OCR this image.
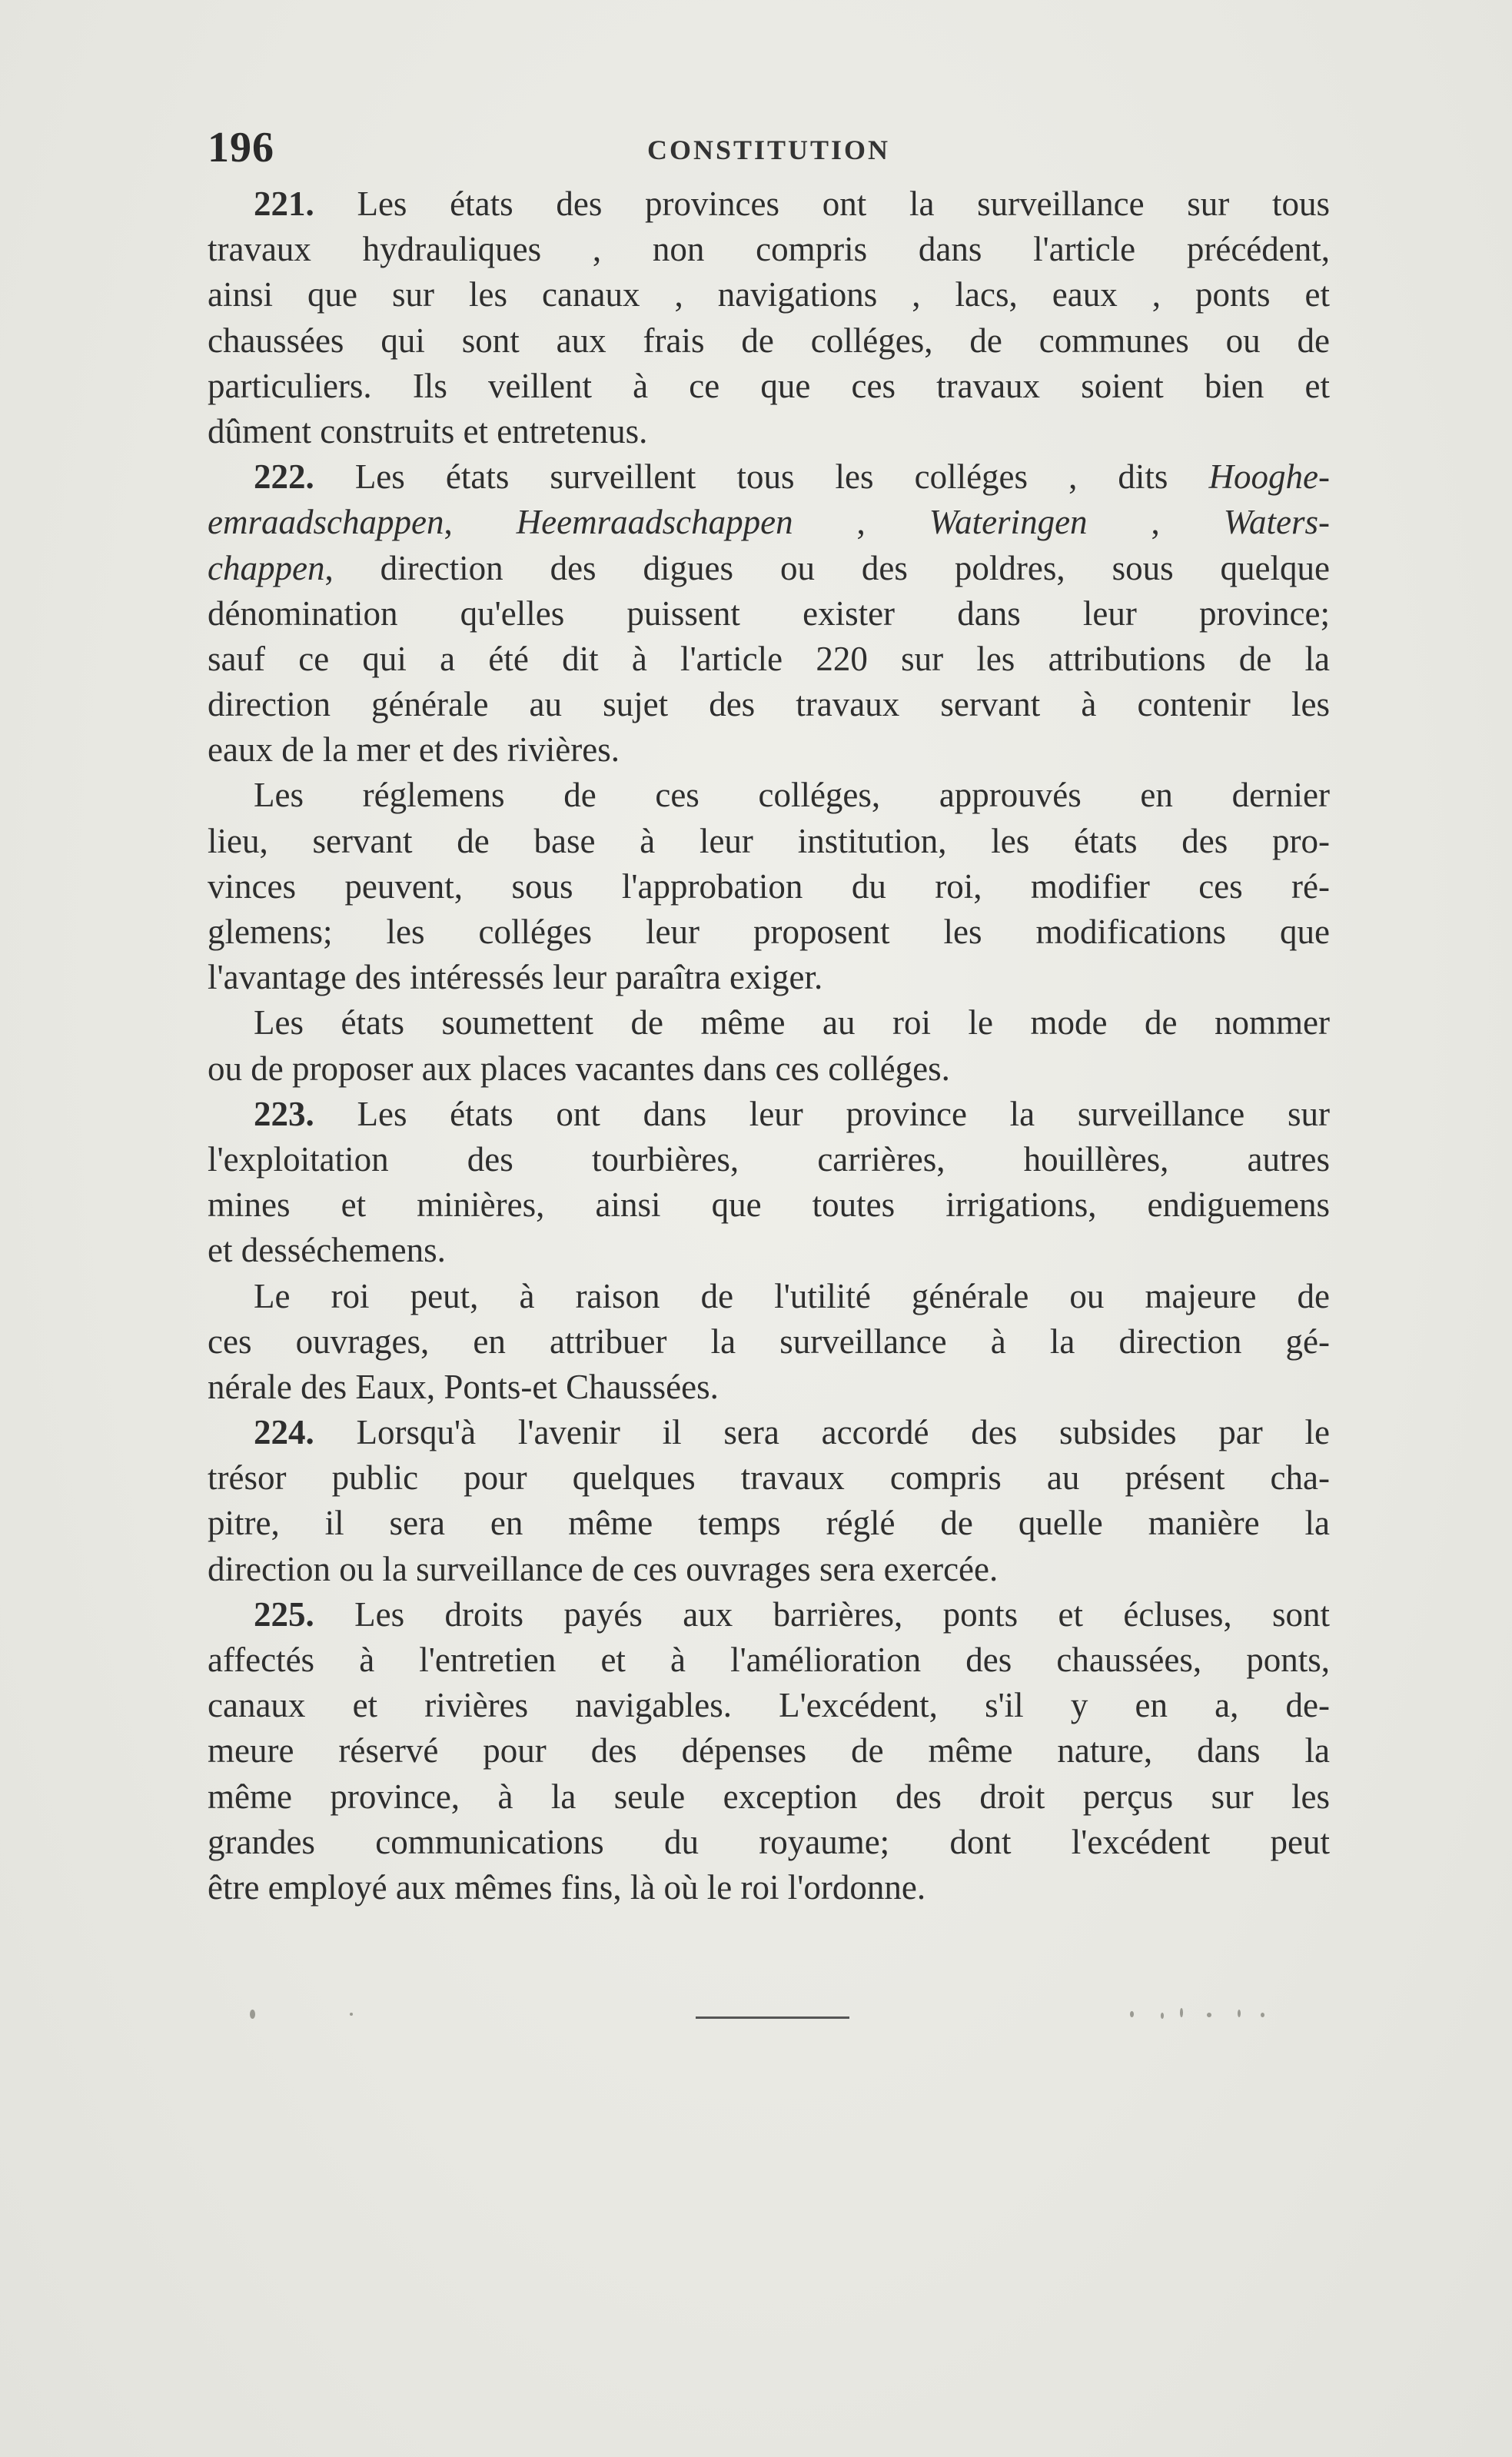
196	CONSTITUTION
221. Les états des provinces ont la surveillance sur tous
travaux hydrauliques , non compris dans l'article précédent,
ainsi que sur les canaux , navigations , lacs, eaux , ponts et
chaussées qui sont aux frais de colléges, de communes ou de
particuliers. Ils veillent à ce que ces travaux soient bien et
dûment construits et entretenus.
222. Les états surveillent tous les colléges , dits Hooghe-
emraadschappen, Heemraadschappen , Wateringen , Waters-
chappen, direction des digues ou des poldres, sous quelque
dénomination qu'elles puissent exister dans leur province;
sauf ce qui a été dit à l'article 220 sur les attributions de la
direction générale au sujet des travaux servant à contenir les
eaux de la mer et des rivières.
Les réglemens de ces colléges, approuvés en dernier
lieu, servant de base à leur institution, les états des pro-
vinces peuvent, sous l'approbation du roi, modifier ces ré-
glemens; les colléges leur proposent les modifications que
l'avantage des intéressés leur paraîtra exiger.
Les états soumettent de même au roi le mode de nommer
ou de proposer aux places vacantes dans ces colléges.
223. Les états ont dans leur province la surveillance sur
l'exploitation des tourbières, carrières, houillères, autres
mines et minières, ainsi que toutes irrigations, endiguemens
et desséchemens.
Le roi peut, à raison de l'utilité générale ou majeure de
ces ouvrages, en attribuer la surveillance à la direction gé-
nérale des Eaux, Ponts-et Chaussées.
224. Lorsqu'à l'avenir il sera accordé des subsides par le
trésor public pour quelques travaux compris au présent cha-
pitre, il sera en même temps réglé de quelle manière la
direction ou la surveillance de ces ouvrages sera exercée.
225. Les droits payés aux barrières, ponts et écluses, sont
affectés à l'entretien et à l'amélioration des chaussées, ponts,
canaux et rivières navigables. L'excédent, s'il y en a, de-
meure réservé pour des dépenses de même nature, dans la
même province, à la seule exception des droit perçus sur les
grandes communications du royaume; dont l'excédent peut
être employé aux mêmes fins, là où le roi l'ordonne.
